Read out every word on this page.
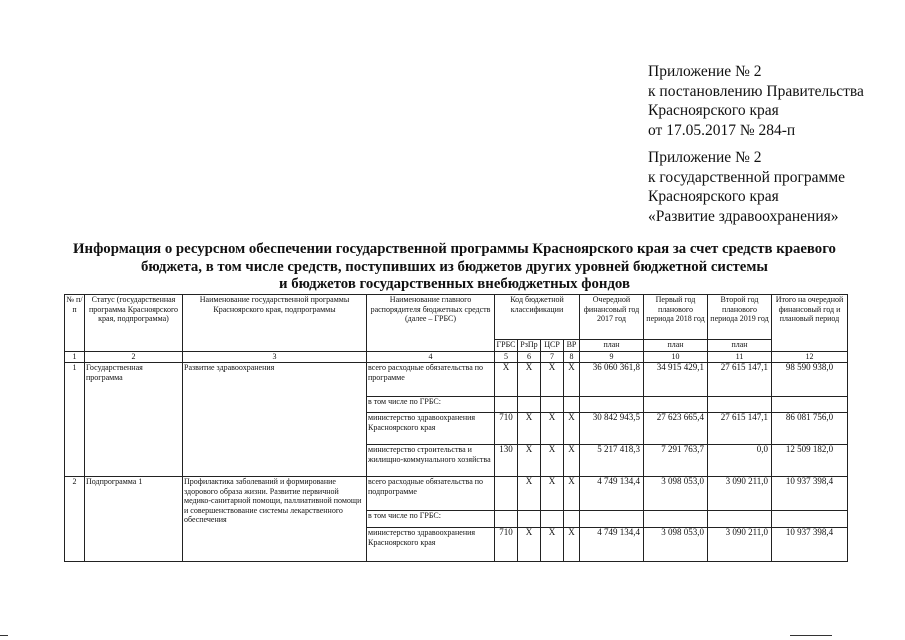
Приложение № 2
к постановлению Правительства
Красноярского края
от 17.05.2017 № 284-п
Приложение № 2
к государственной программе
Красноярского края
«Развитие здравоохранения»
Информация о ресурсном обеспечении государственной программы Красноярского края за счет средств краевого
бюджета, в том числе средств, поступивших из бюджетов других уровней бюджетной системы
и бюджетов государственных внебюджетных фондов
№ п/п	Статус (государственная программа Красноярского края, подпрограмма)	Наименование государственной программы Красноярского края, подпрограммы	Наименование главного распорядителя бюджетных средств (далее – ГРБС)	Код бюджетной классификации				Очередной финансовый год 2017 год	Первый год планового периода 2018 год	Второй год планового периода 2019 год	Итого на очередной финансовый год и плановый период
				ГРБС	РзПр	ЦСР	ВР	план	план	план	
1	2	3	4	5	6	7	8	9	10	11	12
1	Государственная программа	Развитие здравоохранения	всего расходные обязательства по программе	X	X	X	X	36 060 361,8	34 915 429,1	27 615 147,1	98 590 938,0
			в том числе по ГРБС:								
			министерство здравоохранения Красноярского края	710	X	X	X	30 842 943,5	27 623 665,4	27 615 147,1	86 081 756,0
			министерство строительства и жилищно-коммунального хозяйства	130	X	X	X	5 217 418,3	7 291 763,7	0,0	12 509 182,0
2	Подпрограмма 1	Профилактика заболеваний и формирование здорового образа жизни. Развитие первичной медико-санитарной помощи, паллиативной помощи и совершенствование системы лекарственного обеспечения	всего расходные обязательства по подпрограмме		X	X	X	4 749 134,4	3 098 053,0	3 090 211,0	10 937 398,4
			в том числе по ГРБС:								
			министерство здравоохранения Красноярского края	710	X	X	X	4 749 134,4	3 098 053,0	3 090 211,0	10 937 398,4
